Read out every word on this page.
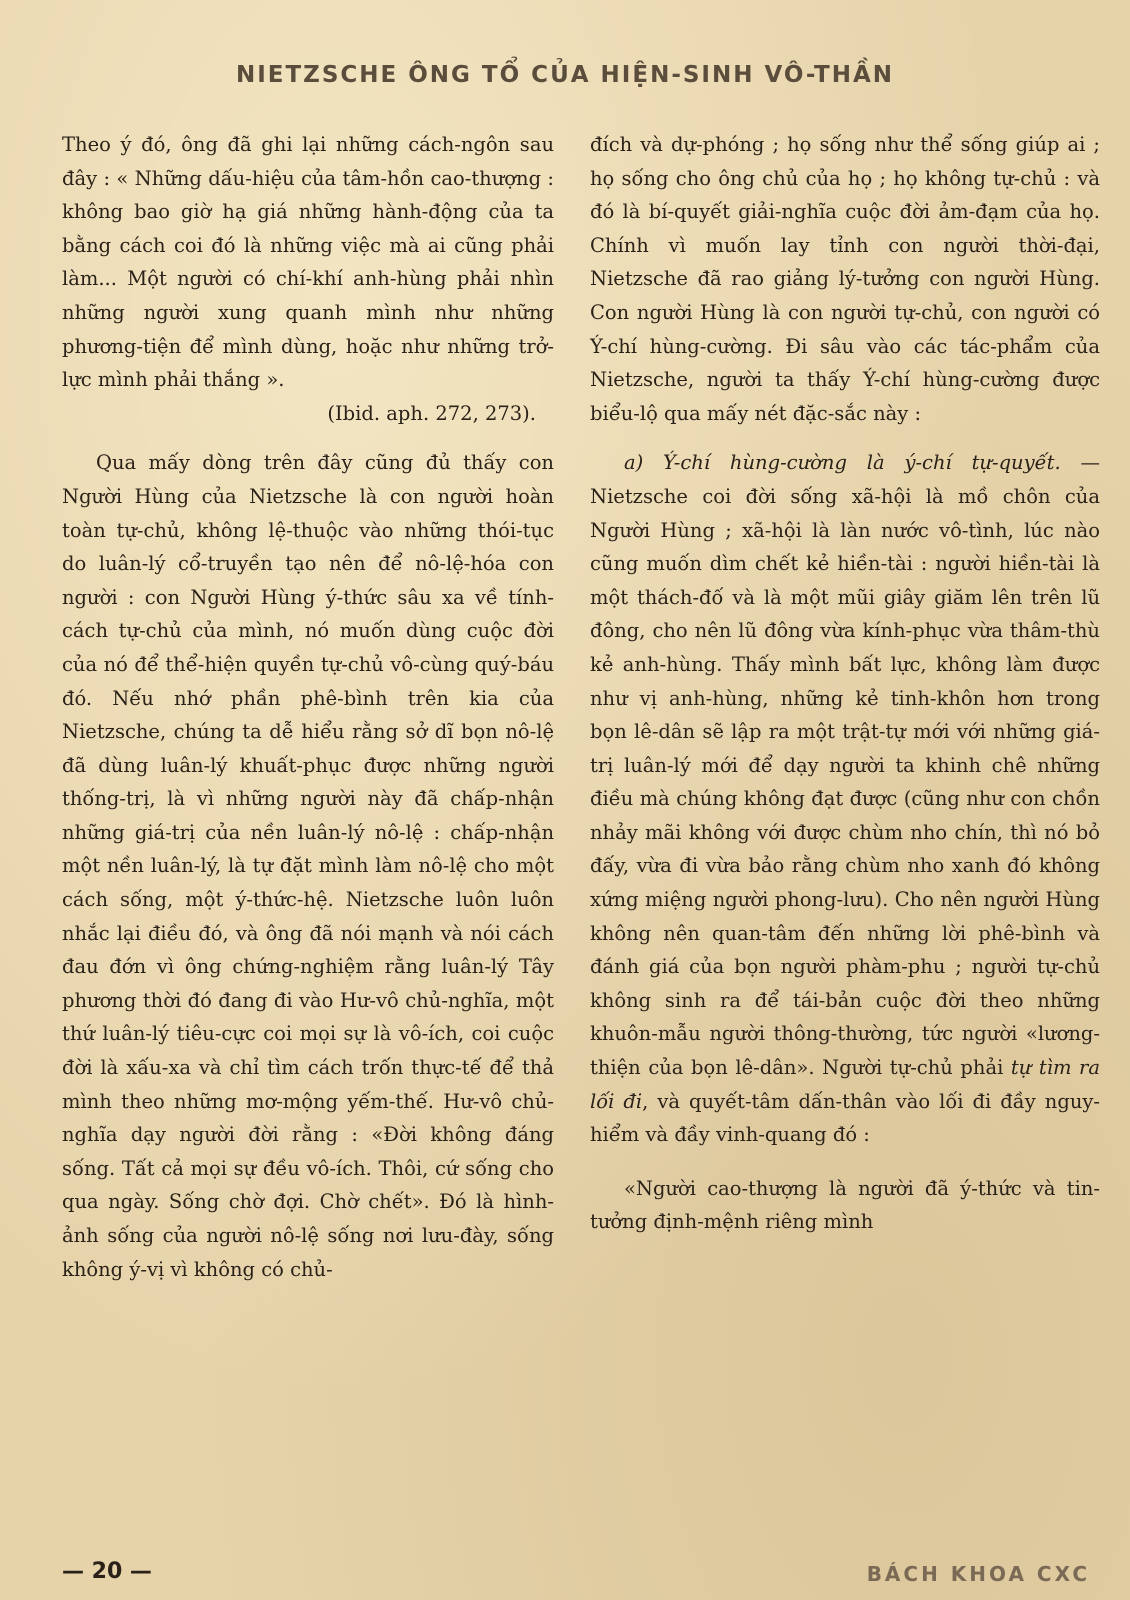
NIETZSCHE ÔNG TỔ CỦA HIỆN-SINH VÔ-THẦN

Theo ý đó, ông đã ghi lại những cách-ngôn sau đây : « Những dấu-hiệu của tâm-hồn cao-thượng : không bao giờ hạ giá những hành-động của ta bằng cách coi đó là những việc mà ai cũng phải làm... Một người có chí-khí anh-hùng phải nhìn những người xung quanh mình như những phương-tiện để mình dùng, hoặc như những trở-lực mình phải thắng ».

(Ibid. aph. 272, 273).

Qua mấy dòng trên đây cũng đủ thấy con Người Hùng của Nietzsche là con người hoàn toàn tự-chủ, không lệ-thuộc vào những thói-tục do luân-lý cổ-truyền tạo nên để nô-lệ-hóa con người : con Người Hùng ý-thức sâu xa về tính-cách tự-chủ của mình, nó muốn dùng cuộc đời của nó để thể-hiện quyền tự-chủ vô-cùng quý-báu đó. Nếu nhớ phần phê-bình trên kia của Nietzsche, chúng ta dễ hiểu rằng sở dĩ bọn nô-lệ đã dùng luân-lý khuất-phục được những người thống-trị, là vì những người này đã chấp-nhận những giá-trị của nền luân-lý nô-lệ : chấp-nhận một nền luân-lý, là tự đặt mình làm nô-lệ cho một cách sống, một ý-thức-hệ. Nietzsche luôn luôn nhắc lại điều đó, và ông đã nói mạnh và nói cách đau đớn vì ông chứng-nghiệm rằng luân-lý Tây phương thời đó đang đi vào Hư-vô chủ-nghĩa, một thứ luân-lý tiêu-cực coi mọi sự là vô-ích, coi cuộc đời là xấu-xa và chỉ tìm cách trốn thực-tế để thả mình theo những mơ-mộng yếm-thế. Hư-vô chủ-nghĩa dạy người đời rằng : «Đời không đáng sống. Tất cả mọi sự đều vô-ích. Thôi, cứ sống cho qua ngày. Sống chờ đợi. Chờ chết». Đó là hình-ảnh sống của người nô-lệ sống nơi lưu-đày, sống không ý-vị vì không có chủ-

đích và dự-phóng ; họ sống như thể sống giúp ai ; họ sống cho ông chủ của họ ; họ không tự-chủ : và đó là bí-quyết giải-nghĩa cuộc đời ảm-đạm của họ. Chính vì muốn lay tỉnh con người thời-đại, Nietzsche đã rao giảng lý-tưởng con người Hùng. Con người Hùng là con người tự-chủ, con người có Ý-chí hùng-cường. Đi sâu vào các tác-phẩm của Nietzsche, người ta thấy Ý-chí hùng-cường được biểu-lộ qua mấy nét đặc-sắc này :

a) Ý-chí hùng-cường là ý-chí tự-quyết. — Nietzsche coi đời sống xã-hội là mồ chôn của Người Hùng ; xã-hội là làn nước vô-tình, lúc nào cũng muốn dìm chết kẻ hiền-tài : người hiền-tài là một thách-đố và là một mũi giây giăm lên trên lũ đông, cho nên lũ đông vừa kính-phục vừa thâm-thù kẻ anh-hùng. Thấy mình bất lực, không làm được như vị anh-hùng, những kẻ tinh-khôn hơn trong bọn lê-dân sẽ lập ra một trật-tự mới với những giá-trị luân-lý mới để dạy người ta khinh chê những điều mà chúng không đạt được (cũng như con chồn nhảy mãi không với được chùm nho chín, thì nó bỏ đấy, vừa đi vừa bảo rằng chùm nho xanh đó không xứng miệng người phong-lưu). Cho nên người Hùng không nên quan-tâm đến những lời phê-bình và đánh giá của bọn người phàm-phu ; người tự-chủ không sinh ra để tái-bản cuộc đời theo những khuôn-mẫu người thông-thường, tức người «lương-thiện của bọn lê-dân». Người tự-chủ phải tự tìm ra lối đi, và quyết-tâm dấn-thân vào lối đi đầy nguy-hiểm và đầy vinh-quang đó :

«Người cao-thượng là người đã ý-thức và tin-tưởng định-mệnh riêng mình

— 20 —	BÁCH KHOA CXC
